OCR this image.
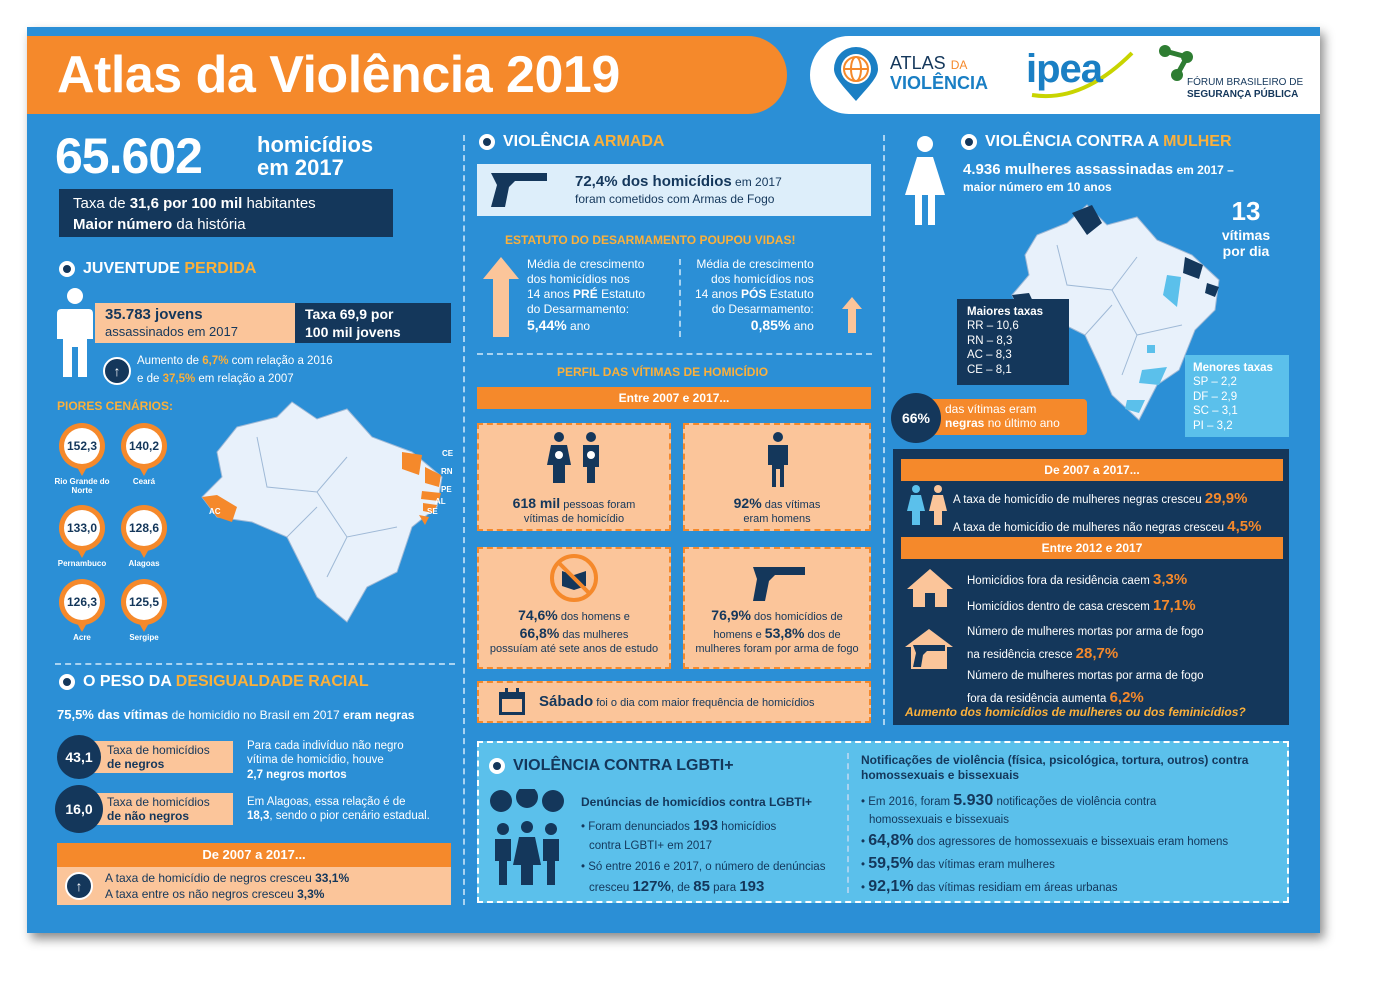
Atlas da Violência 2019	ATLAS DA
VIOLÊNCIA ipea	FÓRUM BRASILEIRO DE
SEGURANÇA PÚBLICA
65.602	homicídios
em 2017
Taxa de 31,6 por 100 mil habitantes
Maior número da história
JUVENTUDE PERDIDA
35.783 jovens
assassinados em 2017
Taxa 69,9 por
100 mil jovens
↑
Aumento de 6,7% com relação a 2016
e de 37,5% em relação a 2007
PIORES CENÁRIOS:
152,3
Rio Grande do Norte
140,2
Ceará
133,0
Pernambuco
128,6
Alagoas
126,3
Acre
125,5
Sergipe
CE
RN
PE
AL
SE
AC
O PESO DA DESIGUALDADE RACIAL
75,5% das vítimas de homicídio no Brasil em 2017 eram negras
Taxa de homicídios
de negros
43,1
Taxa de homicídios
de não negros
16,0
Para cada indivíduo não negro
vítima de homicídio, houve
2,7 negros mortos
Em Alagoas, essa relação é de
18,3, sendo o pior cenário estadual.
De 2007 a 2017...
↑	A taxa de homicídio de negros cresceu 33,1%
A taxa entre os não negros cresceu 3,3%
VIOLÊNCIA ARMADA
72,4% dos homicídios em 2017
foram cometidos com Armas de Fogo
ESTATUTO DO DESARMAMENTO POUPOU VIDAS!
Média de crescimento
dos homicídios nos
14 anos PRÉ Estatuto
do Desarmamento:
5,44% ano
Média de crescimento
dos homicídios nos
14 anos PÓS Estatuto
do Desarmamento:
0,85% ano
PERFIL DAS VÍTIMAS DE HOMICÍDIO
Entre 2007 e 2017...
618 mil pessoas foram
vítimas de homicídio
92% das vítimas
eram homens
74,6% dos homens e
66,8% das mulheres
possuíam até sete anos de estudo
76,9% dos homicídios de
homens e 53,8% dos de
mulheres foram por arma de fogo
Sábado foi o dia com maior frequência de homicídios
VIOLÊNCIA CONTRA LGBTI+
Denúncias de homicídios contra LGBTI+
• Foram denunciados 193 homicídios
contra LGBTI+ em 2017
• Só entre 2016 e 2017, o número de denúncias
cresceu 127%, de 85 para 193
Notificações de violência (física, psicológica, tortura, outros) contra homossexuais e bissexuais
• Em 2016, foram 5.930 notificações de violência contra
homossexuais e bissexuais
• 64,8% dos agressores de homossexuais e bissexuais eram homens
• 59,5% das vítimas eram mulheres
• 92,1% das vítimas residiam em áreas urbanas
VIOLÊNCIA CONTRA A MULHER
4.936 mulheres assassinadas em 2017 –
maior número em 10 anos
13
vítimas
por dia
Maiores taxas
RR – 10,6
RN – 8,3
AC – 8,3
CE – 8,1	Menores taxas
SP – 2,2
DF – 2,9
SC – 3,1
PI – 3,2
66%
das vítimas eram
negras no último ano
De 2007 a 2017...
A taxa de homicídio de mulheres negras cresceu 29,9%
A taxa de homicídio de mulheres não negras cresceu 4,5%
Entre 2012 e 2017
Homicídios fora da residência caem 3,3%
Homicídios dentro de casa crescem 17,1%
Número de mulheres mortas por arma de fogo
na residência cresce 28,7%
Número de mulheres mortas por arma de fogo
fora da residência aumenta 6,2%
Aumento dos homicídios de mulheres ou dos feminicídios?
